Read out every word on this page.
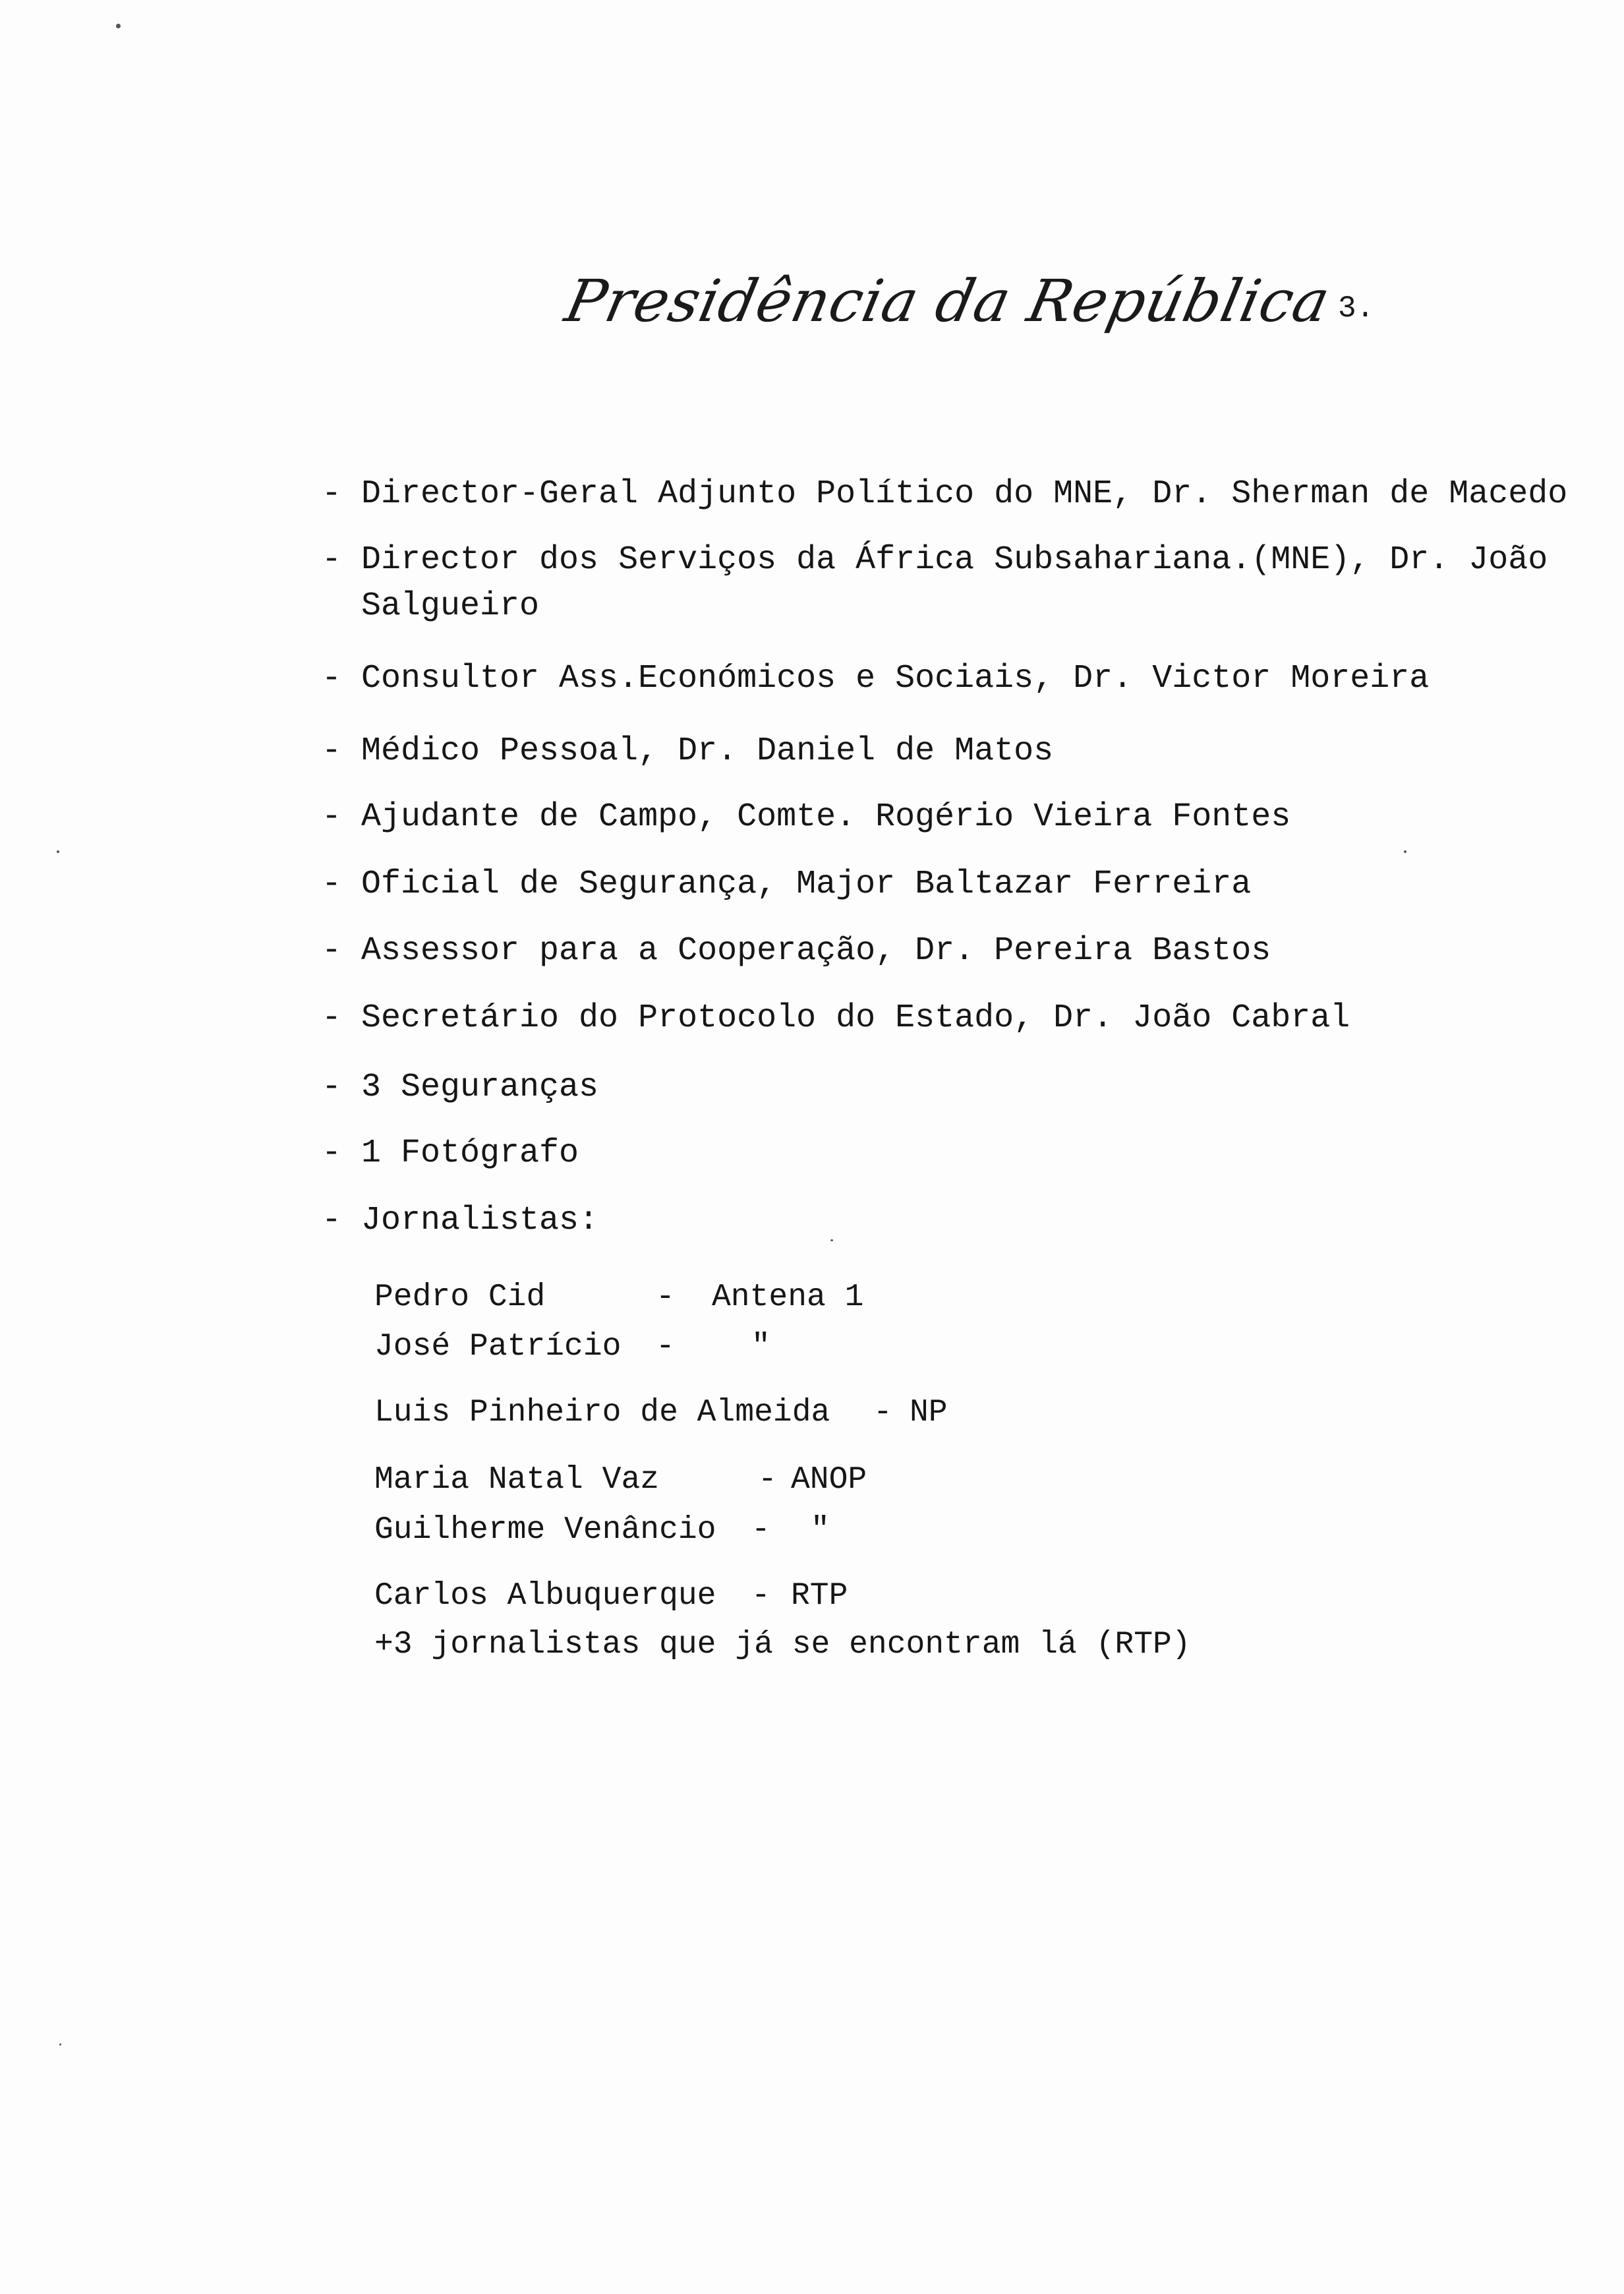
Presidência da República 3.
- Director-Geral Adjunto Político do MNE, Dr. Sherman de Macedo
- Director dos Serviços da África Subsahariana.(MNE), Dr. João
Salgueiro
- Consultor Ass.Económicos e Sociais, Dr. Victor Moreira
- Médico Pessoal, Dr. Daniel de Matos
- Ajudante de Campo, Comte. Rogério Vieira Fontes
- Oficial de Segurança, Major Baltazar Ferreira
- Assessor para a Cooperação, Dr. Pereira Bastos
- Secretário do Protocolo do Estado, Dr. João Cabral
- 3 Seguranças
- 1 Fotógrafo
- Jornalistas:
Pedro Cid	- Antena 1
José Patrício - "
Luis Pinheiro de Almeida - NP
Maria Natal Vaz	- ANOP
Guilherme Venâncio - "
Carlos Albuquerque - RTP
+3 jornalistas que já se encontram lá (RTP)
